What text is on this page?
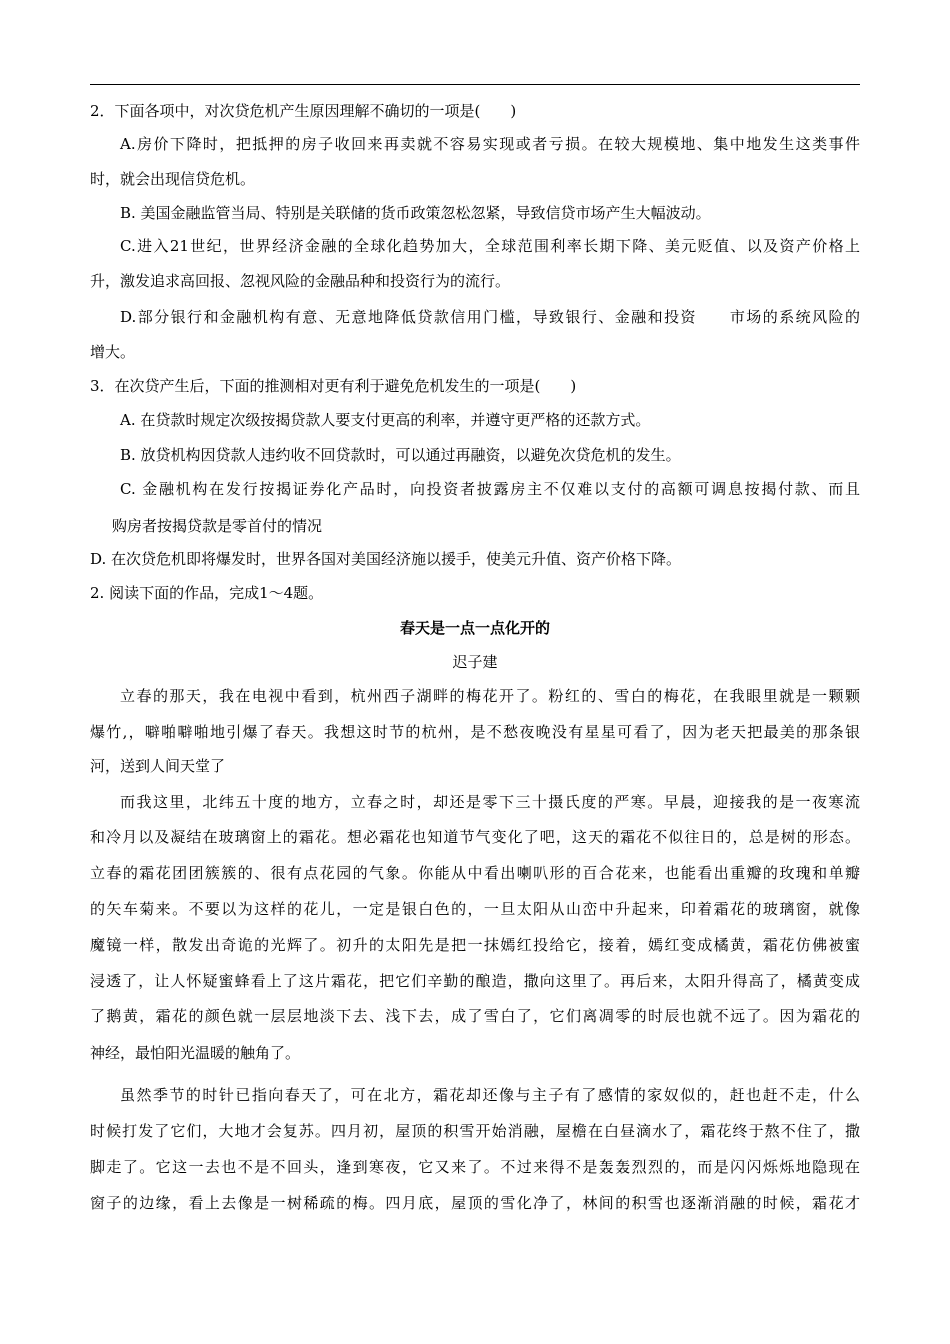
2．下面各项中，对次贷危机产生原因理解不确切的一项是(　　)
A.房价下降时，把抵押的房子收回来再卖就不容易实现或者亏损。在较大规模地、集中地发生这类事件
时，就会出现信贷危机。
B. 美国金融监管当局、特别是关联储的货币政策忽松忽紧，导致信贷市场产生大幅波动。
C.进入21世纪，世界经济金融的全球化趋势加大，全球范围利率长期下降、美元贬值、以及资产价格上
升，激发追求高回报、忽视风险的金融品种和投资行为的流行。
D.部分银行和金融机构有意、无意地降低贷款信用门槛，导致银行、金融和投资　　市场的系统风险的
增大。
3．在次贷产生后，下面的推测相对更有利于避免危机发生的一项是(　　)
A. 在贷款时规定次级按揭贷款人要支付更高的利率，并遵守更严格的还款方式。
B. 放贷机构因贷款人违约收不回贷款时，可以通过再融资，以避免次贷危机的发生。
C. 金融机构在发行按揭证券化产品时，向投资者披露房主不仅难以支付的高额可调息按揭付款、而且
购房者按揭贷款是零首付的情况
D. 在次贷危机即将爆发时，世界各国对美国经济施以援手，使美元升值、资产价格下降。
2. 阅读下面的作品，完成1～4题。
春天是一点一点化开的
迟子建
立春的那天，我在电视中看到，杭州西子湖畔的梅花开了。粉红的、雪白的梅花，在我眼里就是一颗颗
爆竹,，噼啪噼啪地引爆了春天。我想这时节的杭州，是不愁夜晚没有星星可看了，因为老天把最美的那条银
河，送到人间天堂了
而我这里，北纬五十度的地方，立春之时，却还是零下三十摄氏度的严寒。早晨，迎接我的是一夜寒流
和冷月以及凝结在玻璃窗上的霜花。想必霜花也知道节气变化了吧，这天的霜花不似往日的，总是树的形态。
立春的霜花团团簇簇的、很有点花园的气象。你能从中看出喇叭形的百合花来，也能看出重瓣的玫瑰和单瓣
的矢车菊来。不要以为这样的花儿，一定是银白色的，一旦太阳从山峦中升起来，印着霜花的玻璃窗，就像
魔镜一样，散发出奇诡的光辉了。初升的太阳先是把一抹嫣红投给它，接着，嫣红变成橘黄，霜花仿佛被蜜
浸透了，让人怀疑蜜蜂看上了这片霜花，把它们辛勤的酿造，撒向这里了。再后来，太阳升得高了，橘黄变成
了鹅黄，霜花的颜色就一层层地淡下去、浅下去，成了雪白了，它们离凋零的时辰也就不远了。因为霜花的
神经，最怕阳光温暖的触角了。
虽然季节的时针已指向春天了，可在北方，霜花却还像与主子有了感情的家奴似的，赶也赶不走，什么
时候打发了它们，大地才会复苏。四月初，屋顶的积雪开始消融，屋檐在白昼滴水了，霜花终于熬不住了，撒
脚走了。它这一去也不是不回头，逢到寒夜，它又来了。不过来得不是轰轰烈烈的，而是闪闪烁烁地隐现在
窗子的边缘，看上去像是一树稀疏的梅。四月底，屋顶的雪化净了，林间的积雪也逐渐消融的时候，霜花才
